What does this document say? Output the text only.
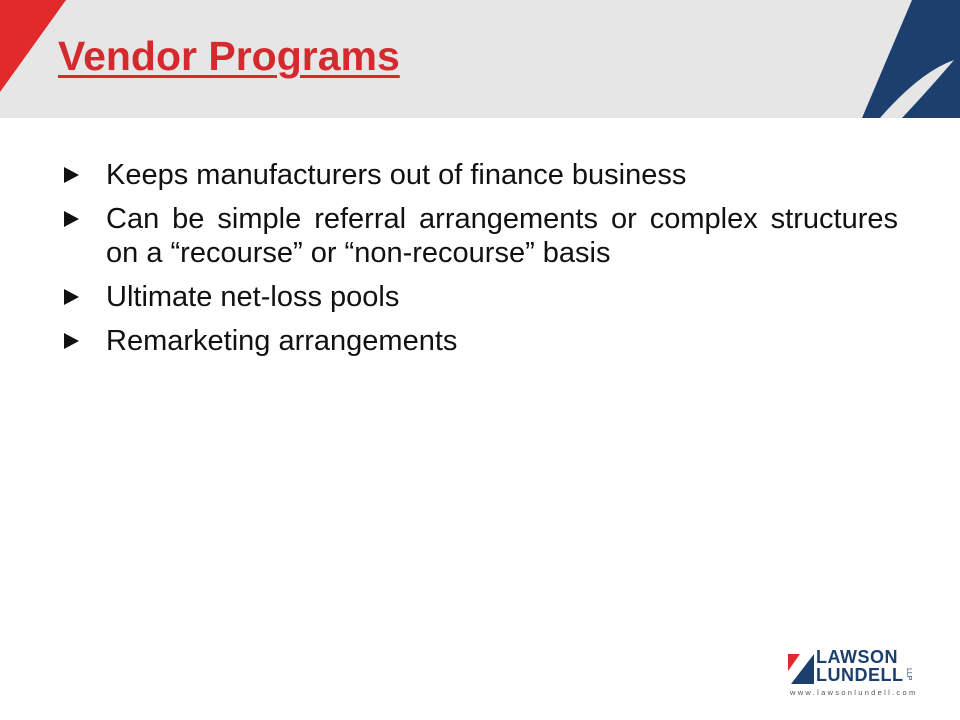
Vendor Programs
Keeps manufacturers out of finance business
Can be simple referral arrangements or complex structures on a “recourse” or “non-recourse” basis
Ultimate net-loss pools
Remarketing arrangements
LAWSON
LUNDELL LLP
www.lawsonlundell.com
